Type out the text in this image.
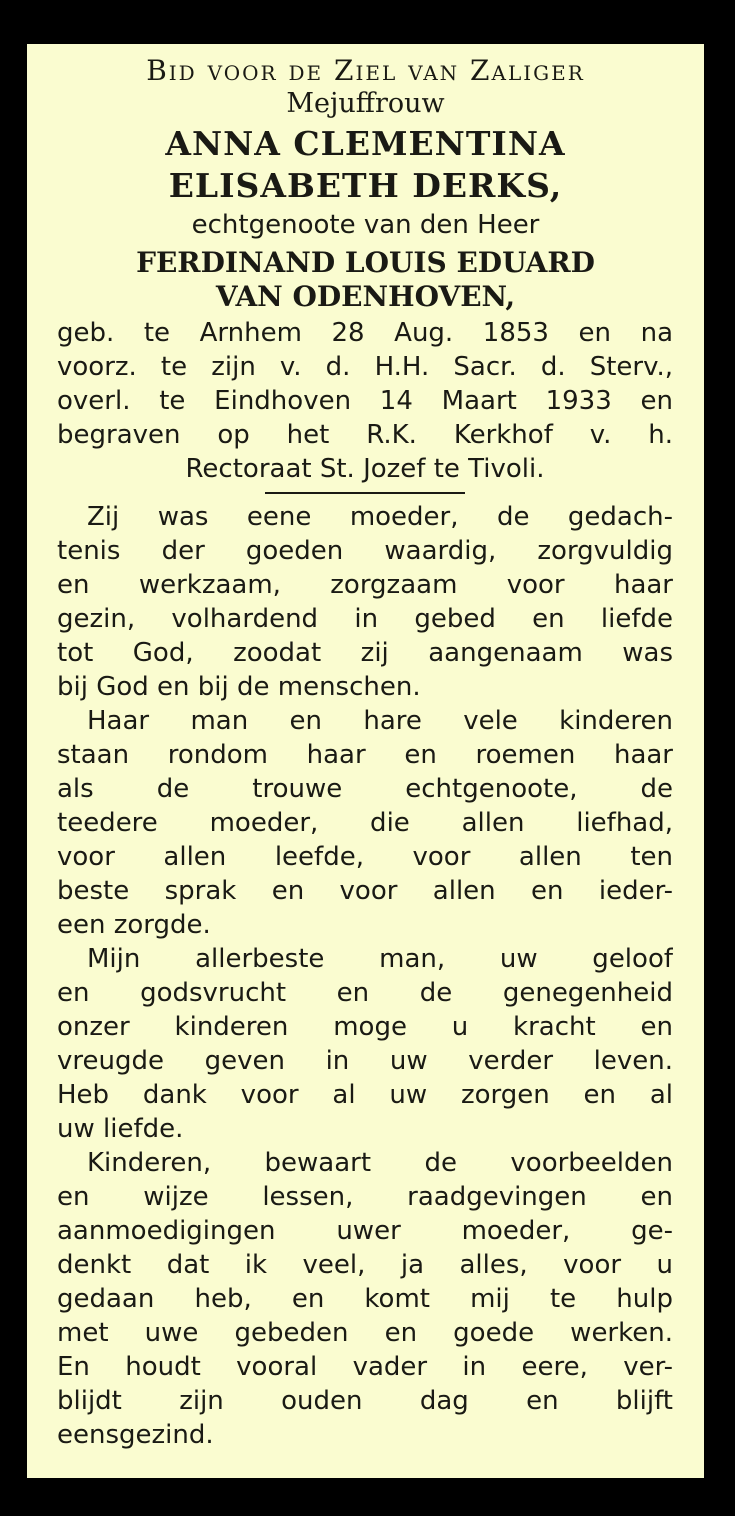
Bid voor de Ziel van Zaliger
Mejuffrouw
ANNA CLEMENTINA
ELISABETH DERKS,
echtgenoote van den Heer
FERDINAND LOUIS EDUARD
VAN ODENHOVEN,
geb. te Arnhem 28 Aug. 1853 en na
voorz. te zijn v. d. H.H. Sacr. d. Sterv.,
overl. te Eindhoven 14 Maart 1933 en
begraven op het R.K. Kerkhof v. h.
Rectoraat St. Jozef te Tivoli.
Zij was eene moeder, de gedach-
tenis der goeden waardig, zorgvuldig
en werkzaam, zorgzaam voor haar
gezin, volhardend in gebed en liefde
tot God, zoodat zij aangenaam was
bij God en bij de menschen.
Haar man en hare vele kinderen
staan rondom haar en roemen haar
als de trouwe echtgenoote, de
teedere moeder, die allen liefhad,
voor allen leefde, voor allen ten
beste sprak en voor allen en ieder-
een zorgde.
Mijn allerbeste man, uw geloof
en godsvrucht en de genegenheid
onzer kinderen moge u kracht en
vreugde geven in uw verder leven.
Heb dank voor al uw zorgen en al
uw liefde.
Kinderen, bewaart de voorbeelden
en wijze lessen, raadgevingen en
aanmoedigingen uwer moeder, ge-
denkt dat ik veel, ja alles, voor u
gedaan heb, en komt mij te hulp
met uwe gebeden en goede werken.
En houdt vooral vader in eere, ver-
blijdt zijn ouden dag en blijft
eensgezind.
